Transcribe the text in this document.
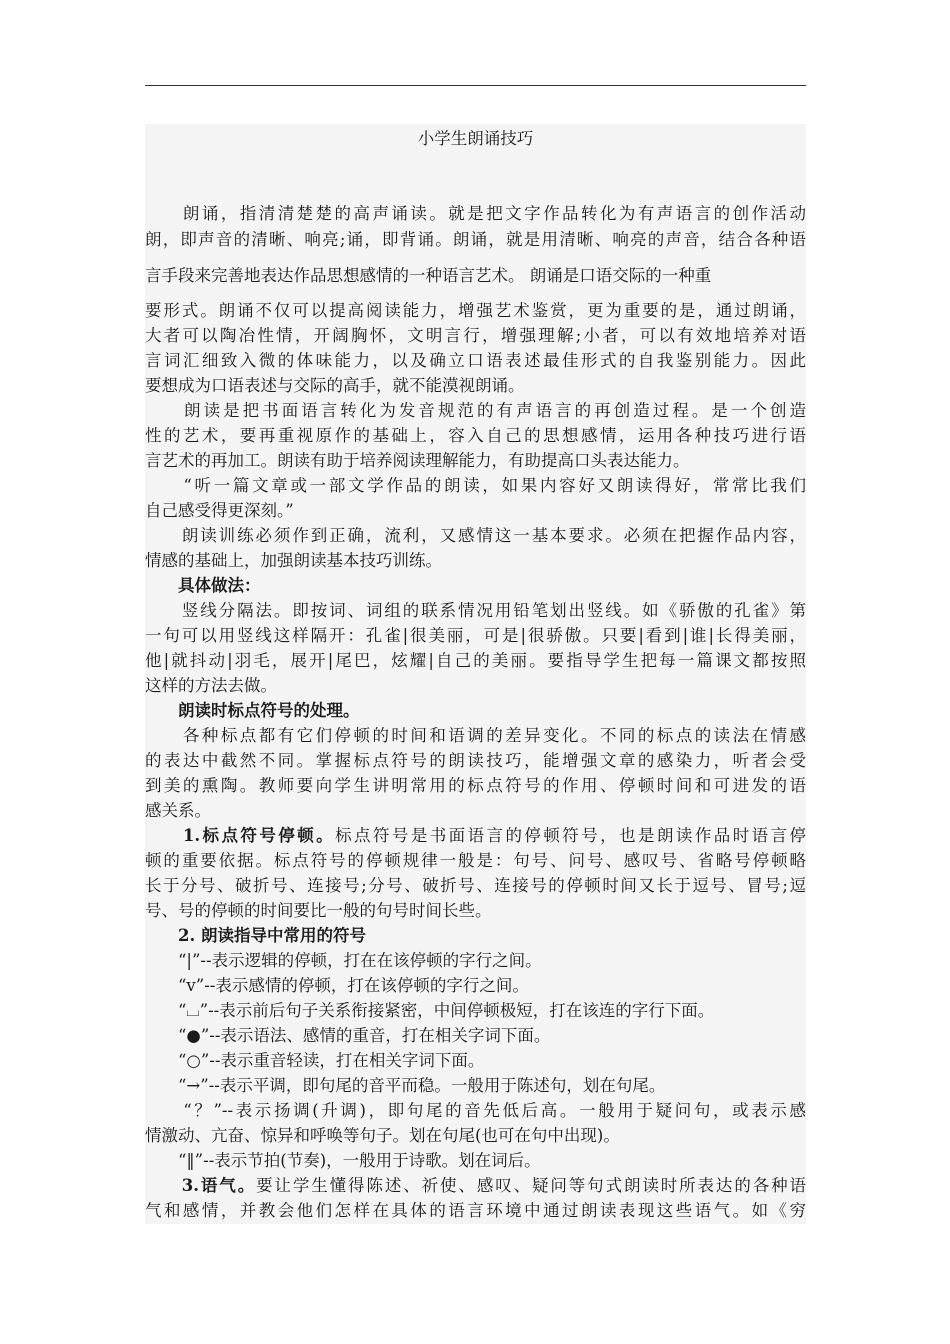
小学生朗诵技巧
　　朗诵，指清清楚楚的高声诵读。就是把文字作品转化为有声语言的创作活动
朗，即声音的清晰、响亮;诵，即背诵。朗诵，就是用清晰、响亮的声音，结合各种语
言手段来完善地表达作品思想感情的一种语言艺术。 朗诵是口语交际的一种重
要形式。朗诵不仅可以提高阅读能力，增强艺术鉴赏，更为重要的是，通过朗诵，
大者可以陶冶性情，开阔胸怀，文明言行，增强理解;小者，可以有效地培养对语
言词汇细致入微的体味能力，以及确立口语表述最佳形式的自我鉴别能力。因此
要想成为口语表述与交际的高手，就不能漠视朗诵。
　　朗读是把书面语言转化为发音规范的有声语言的再创造过程。是一个创造
性的艺术，要再重视原作的基础上，容入自己的思想感情，运用各种技巧进行语
言艺术的再加工。朗读有助于培养阅读理解能力，有助提高口头表达能力。
　　“听一篇文章或一部文学作品的朗读，如果内容好又朗读得好，常常比我们
自己感受得更深刻。”
　　朗读训练必须作到正确，流利，又感情这一基本要求。必须在把握作品内容，
情感的基础上，加强朗读基本技巧训练。
　　具体做法：
　　竖线分隔法。即按词、词组的联系情况用铅笔划出竖线。如《骄傲的孔雀》第
一句可以用竖线这样隔开：孔雀|很美丽，可是|很骄傲。只要|看到|谁|长得美丽，
他|就抖动|羽毛，展开|尾巴，炫耀|自己的美丽。要指导学生把每一篇课文都按照
这样的方法去做。
　　朗读时标点符号的处理。
　　各种标点都有它们停顿的时间和语调的差异变化。不同的标点的读法在情感
的表达中截然不同。掌握标点符号的朗读技巧，能增强文章的感染力，听者会受
到美的熏陶。教师要向学生讲明常用的标点符号的作用、停顿时间和可进发的语
感关系。
　　1.标点符号停顿。标点符号是书面语言的停顿符号，也是朗读作品时语言停
顿的重要依据。标点符号的停顿规律一般是：句号、问号、感叹号、省略号停顿略
长于分号、破折号、连接号;分号、破折号、连接号的停顿时间又长于逗号、冒号;逗
号、号的停顿的时间要比一般的句号时间长些。
　　2. 朗读指导中常用的符号
　　“|”--表示逻辑的停顿，打在在该停顿的字行之间。
　　“v”--表示感情的停顿，打在该停顿的字行之间。
　　“⌴”--表示前后句子关系衔接紧密，中间停顿极短，打在该连的字行下面。
　　“●”--表示语法、感情的重音，打在相关字词下面。
　　“○”--表示重音轻读，打在相关字词下面。
　　“→”--表示平调，即句尾的音平而稳。一般用于陈述句，划在句尾。
　　“？”--表示扬调(升调)，即句尾的音先低后高。一般用于疑问句，或表示感
情激动、亢奋、惊异和呼唤等句子。划在句尾(也可在句中出现)。
　　“‖”--表示节拍(节奏)，一般用于诗歌。划在词后。
　　3.语气。要让学生懂得陈述、祈使、感叹、疑问等句式朗读时所表达的各种语
气和感情，并教会他们怎样在具体的语言环境中通过朗读表现这些语气。如《穷
